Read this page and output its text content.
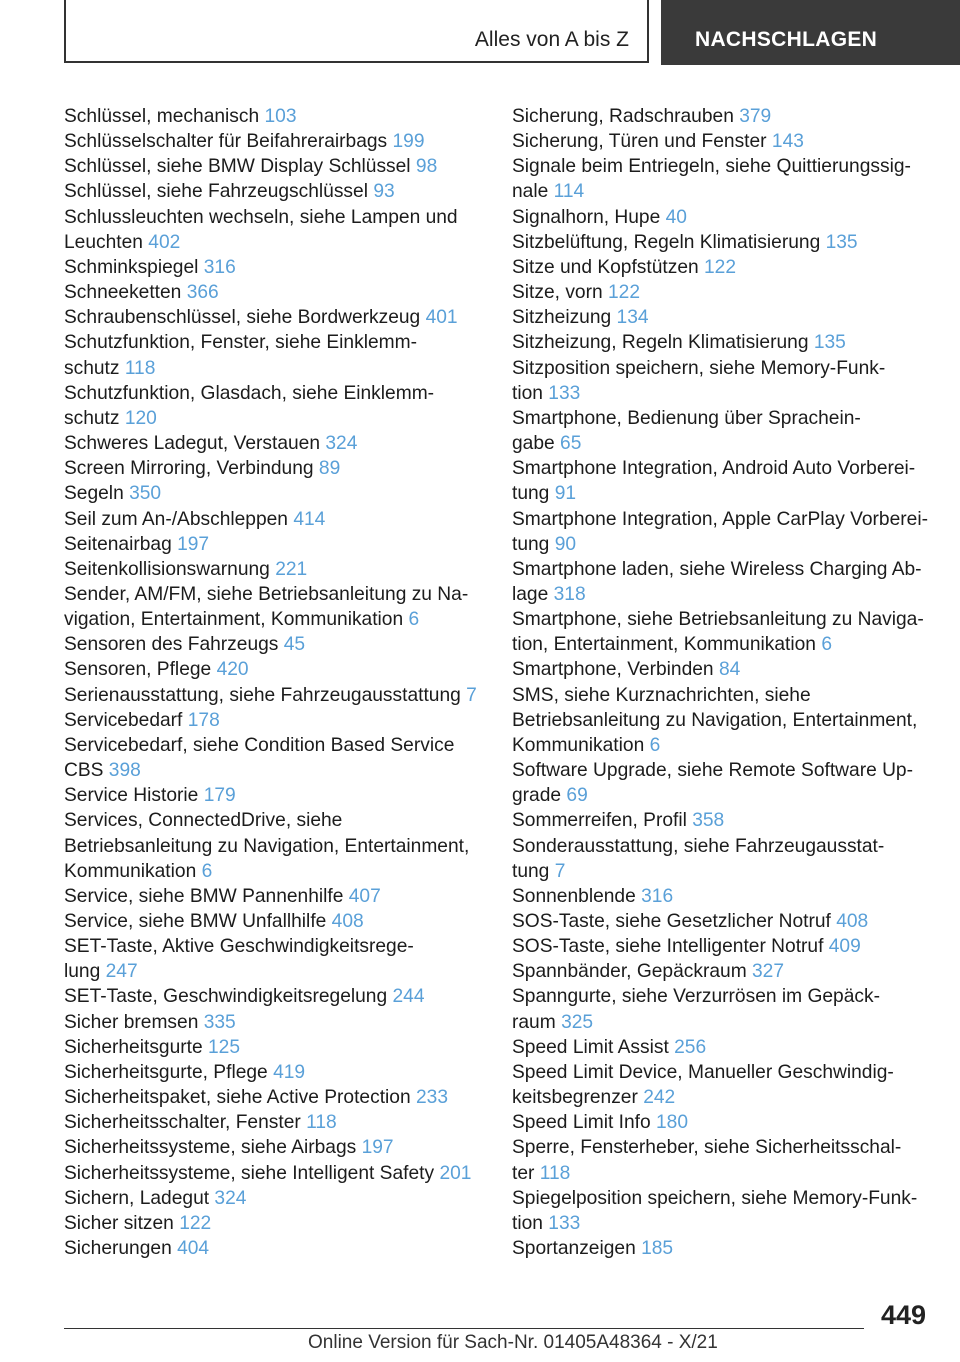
Alles von A bis Z	NACHSCHLAGEN
Schlüssel, mechanisch 103
Schlüsselschalter für Beifahrerairbags 199
Schlüssel, siehe BMW Display Schlüssel 98
Schlüssel, siehe Fahrzeugschlüssel 93
Schlussleuchten wechseln, siehe Lampen und
Leuchten 402
Schminkspiegel 316
Schneeketten 366
Schraubenschlüssel, siehe Bordwerkzeug 401
Schutzfunktion, Fenster, siehe Einklemm-
schutz 118
Schutzfunktion, Glasdach, siehe Einklemm-
schutz 120
Schweres Ladegut, Verstauen 324
Screen Mirroring, Verbindung 89
Segeln 350
Seil zum An-/Abschleppen 414
Seitenairbag 197
Seitenkollisionswarnung 221
Sender, AM/FM, siehe Betriebsanleitung zu Na-
vigation, Entertainment, Kommunikation 6
Sensoren des Fahrzeugs 45
Sensoren, Pflege 420
Serienausstattung, siehe Fahrzeugausstattung 7
Servicebedarf 178
Servicebedarf, siehe Condition Based Service
CBS 398
Service Historie 179
Services, ConnectedDrive, siehe
Betriebsanleitung zu Navigation, Entertainment,
Kommunikation 6
Service, siehe BMW Pannenhilfe 407
Service, siehe BMW Unfallhilfe 408
SET-Taste, Aktive Geschwindigkeitsrege-
lung 247
SET-Taste, Geschwindigkeitsregelung 244
Sicher bremsen 335
Sicherheitsgurte 125
Sicherheitsgurte, Pflege 419
Sicherheitspaket, siehe Active Protection 233
Sicherheitsschalter, Fenster 118
Sicherheitssysteme, siehe Airbags 197
Sicherheitssysteme, siehe Intelligent Safety 201
Sichern, Ladegut 324
Sicher sitzen 122
Sicherungen 404
Sicherung, Radschrauben 379
Sicherung, Türen und Fenster 143
Signale beim Entriegeln, siehe Quittierungssig-
nale 114
Signalhorn, Hupe 40
Sitzbelüftung, Regeln Klimatisierung 135
Sitze und Kopfstützen 122
Sitze, vorn 122
Sitzheizung 134
Sitzheizung, Regeln Klimatisierung 135
Sitzposition speichern, siehe Memory-Funk-
tion 133
Smartphone, Bedienung über Sprachein-
gabe 65
Smartphone Integration, Android Auto Vorberei-
tung 91
Smartphone Integration, Apple CarPlay Vorberei-
tung 90
Smartphone laden, siehe Wireless Charging Ab-
lage 318
Smartphone, siehe Betriebsanleitung zu Naviga-
tion, Entertainment, Kommunikation 6
Smartphone, Verbinden 84
SMS, siehe Kurznachrichten, siehe
Betriebsanleitung zu Navigation, Entertainment,
Kommunikation 6
Software Upgrade, siehe Remote Software Up-
grade 69
Sommerreifen, Profil 358
Sonderausstattung, siehe Fahrzeugausstat-
tung 7
Sonnenblende 316
SOS-Taste, siehe Gesetzlicher Notruf 408
SOS-Taste, siehe Intelligenter Notruf 409
Spannbänder, Gepäckraum 327
Spanngurte, siehe Verzurrösen im Gepäck-
raum 325
Speed Limit Assist 256
Speed Limit Device, Manueller Geschwindig-
keitsbegrenzer 242
Speed Limit Info 180
Sperre, Fensterheber, siehe Sicherheitsschal-
ter 118
Spiegelposition speichern, siehe Memory-Funk-
tion 133
Sportanzeigen 185
449
Online Version für Sach-Nr. 01405A48364 - X/21
